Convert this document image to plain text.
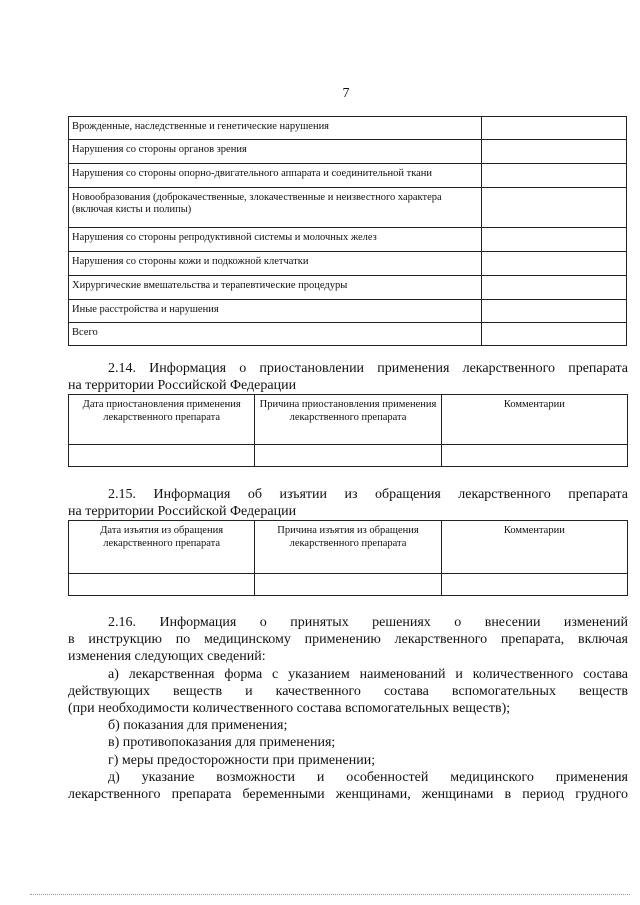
7
Врожденные, наследственные и генетические нарушения	
Нарушения со стороны органов зрения	
Нарушения со стороны опорно-двигательного аппарата и соединительной ткани	
Новообразования (доброкачественные, злокачественные и неизвестного характера (включая кисты и полипы)	
Нарушения со стороны репродуктивной системы и молочных желез	
Нарушения со стороны кожи и подкожной клетчатки	
Хирургические вмешательства и терапевтические процедуры	
Иные расстройства и нарушения	
Всего	
2.14. Информация о приостановлении применения лекарственного препарата
на территории Российской Федерации
Дата приостановления применения лекарственного препарата	Причина приостановления применения лекарственного препарата	Комментарии

2.15. Информация об изъятии из обращения лекарственного препарата
на территории Российской Федерации
Дата изъятия из обращения лекарственного препарата	Причина изъятия из обращения лекарственного препарата	Комментарии

2.16. Информация о принятых решениях о внесении изменений
в инструкцию по медицинскому применению лекарственного препарата, включая
изменения следующих сведений:
а) лекарственная форма с указанием наименований и количественного состава
действующих веществ и качественного состава вспомогательных веществ
(при необходимости количественного состава вспомогательных веществ);
б) показания для применения;
в) противопоказания для применения;
г) меры предосторожности при применении;
д) указание возможности и особенностей медицинского применения
лекарственного препарата беременными женщинами, женщинами в период грудного
